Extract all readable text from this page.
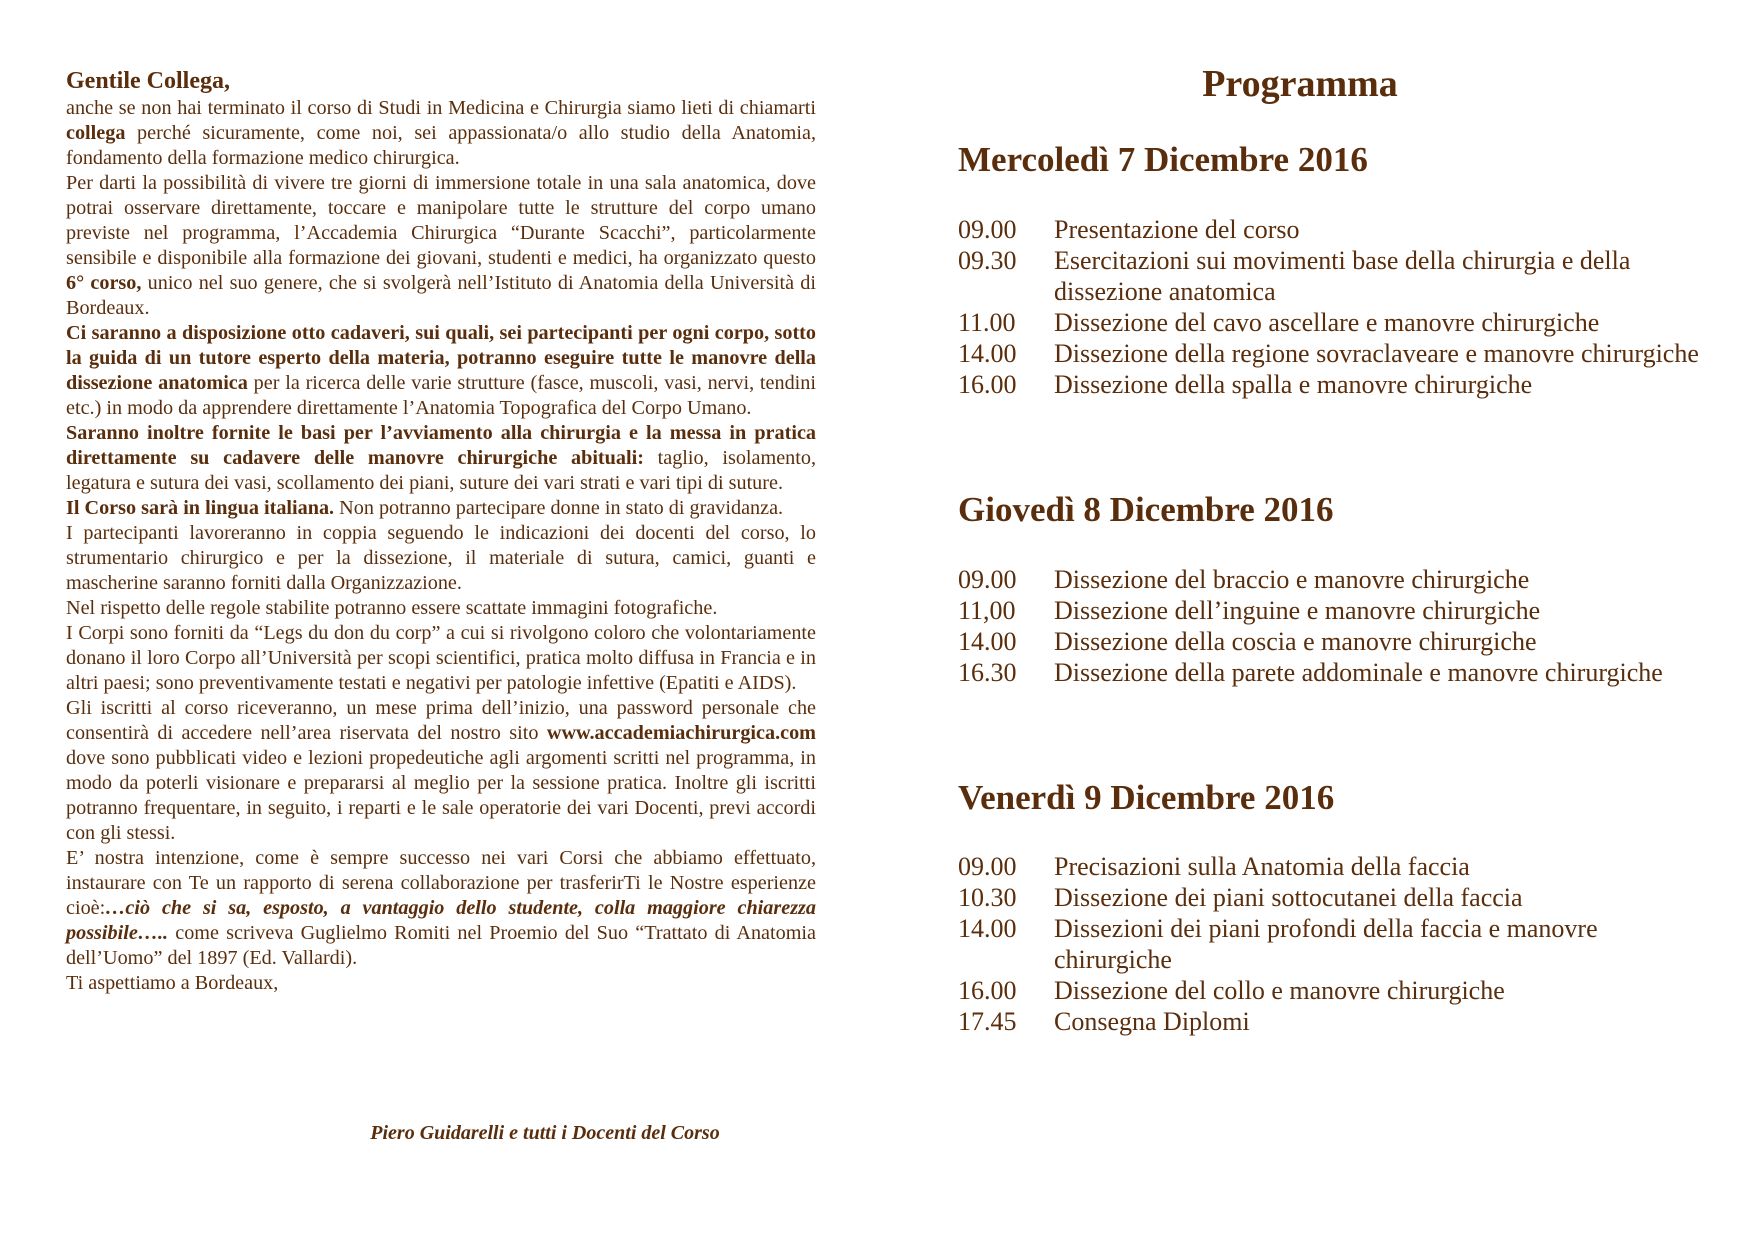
Gentile Collega,

anche se non hai terminato il corso di Studi in Medicina e Chirurgia siamo lieti di chiamarti collega perché sicuramente, come noi, sei appassionata/o allo studio della Anatomia, fondamento della formazione medico chirurgica.

Per darti la possibilità di vivere tre giorni di immersione totale in una sala anatomica, dove potrai osservare direttamente, toccare e manipolare tutte le strutture del corpo umano previste nel programma, l’Accademia Chirurgica “Durante Scacchi”, particolarmente sensibile e disponibile alla formazione dei giovani, studenti e medici, ha organizzato questo 6° corso, unico nel suo genere, che si svolgerà nell’Istituto di Anatomia della Università di Bordeaux.

Ci saranno a disposizione otto cadaveri, sui quali, sei partecipanti per ogni corpo, sotto la guida di un tutore esperto della materia, potranno eseguire tutte le manovre della dissezione anatomica per la ricerca delle varie strutture (fasce, muscoli, vasi, nervi, tendini etc.) in modo da apprendere direttamente l’Anatomia Topografica del Corpo Umano.

Saranno inoltre fornite le basi per l’avviamento alla chirurgia e la messa in pratica direttamente su cadavere delle manovre chirurgiche abituali: taglio, isolamento, legatura e sutura dei vasi, scollamento dei piani, suture dei vari strati e vari tipi di suture.

Il Corso sarà in lingua italiana. Non potranno partecipare donne in stato di gravidanza.

I partecipanti lavoreranno in coppia seguendo le indicazioni dei docenti del corso, lo strumentario chirurgico e per la dissezione, il materiale di sutura, camici, guanti e mascherine saranno forniti dalla Organizzazione.

Nel rispetto delle regole stabilite potranno essere scattate immagini fotografiche.

I Corpi sono forniti da “Legs du don du corp” a cui si rivolgono coloro che volontariamente donano il loro Corpo all’Università per scopi scientifici, pratica molto diffusa in Francia e in altri paesi; sono preventivamente testati e negativi per patologie infettive (Epatiti e AIDS).

Gli iscritti al corso riceveranno, un mese prima dell’inizio, una password personale che consentirà di accedere nell’area riservata del nostro sito www.accademiachirurgica.com dove sono pubblicati video e lezioni propedeutiche agli argomenti scritti nel programma, in modo da poterli visionare e prepararsi al meglio per la sessione pratica. Inoltre gli iscritti potranno frequentare, in seguito, i reparti e le sale operatorie dei vari Docenti, previ accordi con gli stessi.

E’ nostra intenzione, come è sempre successo nei vari Corsi che abbiamo effettuato, instaurare con Te un rapporto di serena collaborazione per trasferirTi le Nostre esperienze cioè:…ciò che si sa, esposto, a vantaggio dello studente, colla maggiore chiarezza possibile….. come scriveva Guglielmo Romiti nel Proemio del Suo “Trattato di Anatomia dell’Uomo” del 1897 (Ed. Vallardi).

Ti aspettiamo a Bordeaux,

Piero Guidarelli e tutti i Docenti del Corso
Programma
Mercoledì 7 Dicembre 2016
09.00	Presentazione del corso
09.30	Esercitazioni sui movimenti base della chirurgia e della dissezione anatomica
11.00	Dissezione del cavo ascellare e manovre chirurgiche
14.00	Dissezione della regione sovraclaveare e manovre chirurgiche
16.00	Dissezione della spalla e manovre chirurgiche
Giovedì 8 Dicembre 2016
09.00	Dissezione del braccio e manovre chirurgiche
11,00	Dissezione dell’inguine e manovre chirurgiche
14.00	Dissezione della coscia e manovre chirurgiche
16.30	Dissezione della parete addominale e manovre chirurgiche
Venerdì 9 Dicembre 2016
09.00	Precisazioni sulla Anatomia della faccia
10.30	Dissezione dei piani sottocutanei della faccia
14.00	Dissezioni dei piani profondi della faccia e manovre chirurgiche
16.00	Dissezione del collo e manovre chirurgiche
17.45	Consegna Diplomi
